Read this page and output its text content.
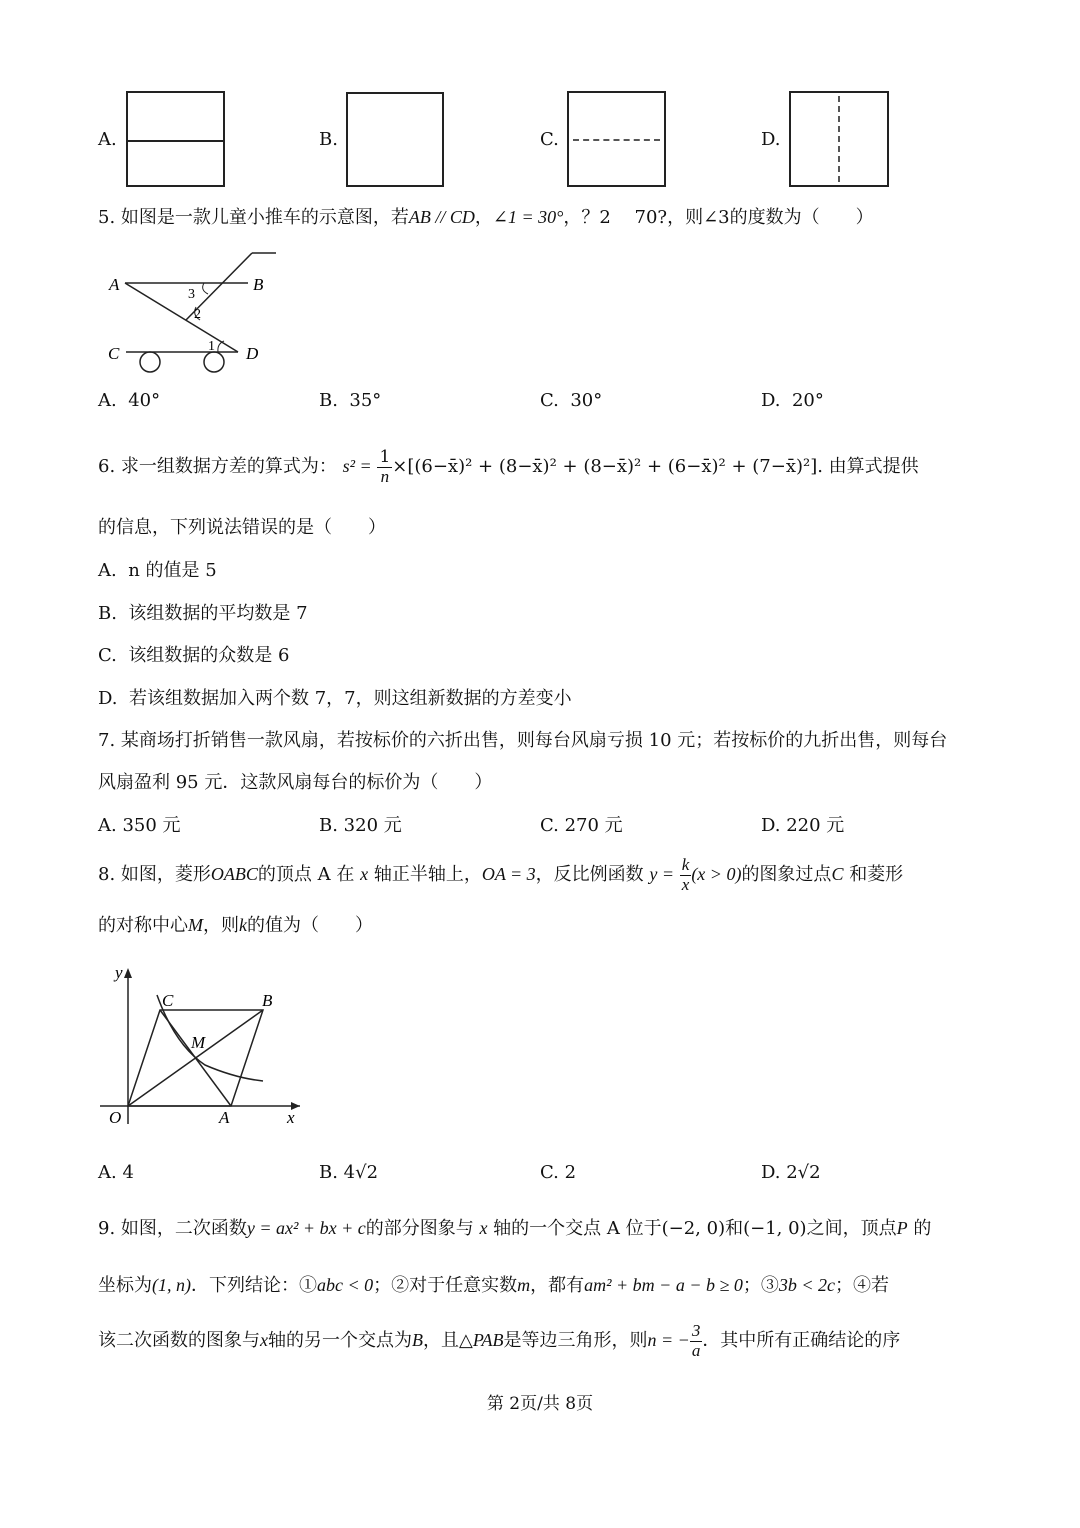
A.	B.	C.	D.
5. 如图是一款儿童小推车的示意图，若AB // CD，∠1 = 30°，？2　 70?，则∠3的度数为（　　）
A	B
C	D
1
2
3
A. 40°	B. 35°	C. 30°	D. 20°
6. 求一组数据方差的算式为： $s^2 = \frac{1}{n}$ ×[(6−x̄)² + (8−x̄)² + (8−x̄)² + (6−x̄)² + (7−x̄)²]. 由算式提供
的信息，下列说法错误的是（　　）
A. n 的值是 5
B. 该组数据的平均数是 7
C. 该组数据的众数是 6
D. 若该组数据加入两个数 7，7，则这组新数据的方差变小
7. 某商场打折销售一款风扇，若按标价的六折出售，则每台风扇亏损 10 元；若按标价的九折出售，则每台
风扇盈利 95 元．这款风扇每台的标价为（　　）
A. 350 元	B. 320 元	C. 270 元	D. 220 元
8. 如图，菱形OABC的顶点 A 在 x 轴正半轴上，OA = 3，反比例函数 $y = \frac{k}{x} (x > 0)$的图象过点C 和菱形
的对称中心M，则k的值为（　　）
y
x
O	A
B
C
M
A. 4	B. 4√2	C. 2	D. 2√2
9. 如图，二次函数y = ax² + bx + c的部分图象与 x 轴的一个交点 A 位于(−2, 0)和(−1, 0)之间，顶点P 的
坐标为(1, n)．下列结论：①abc < 0；②对于任意实数m，都有am² + bm − a − b ≥ 0；③3b < 2c；④若
该二次函数的图象与x轴的另一个交点为B，且△PAB是等边三角形，则n = − $\frac{3}{a}$ ．其中所有正确结论的序
第 2页/共 8页
